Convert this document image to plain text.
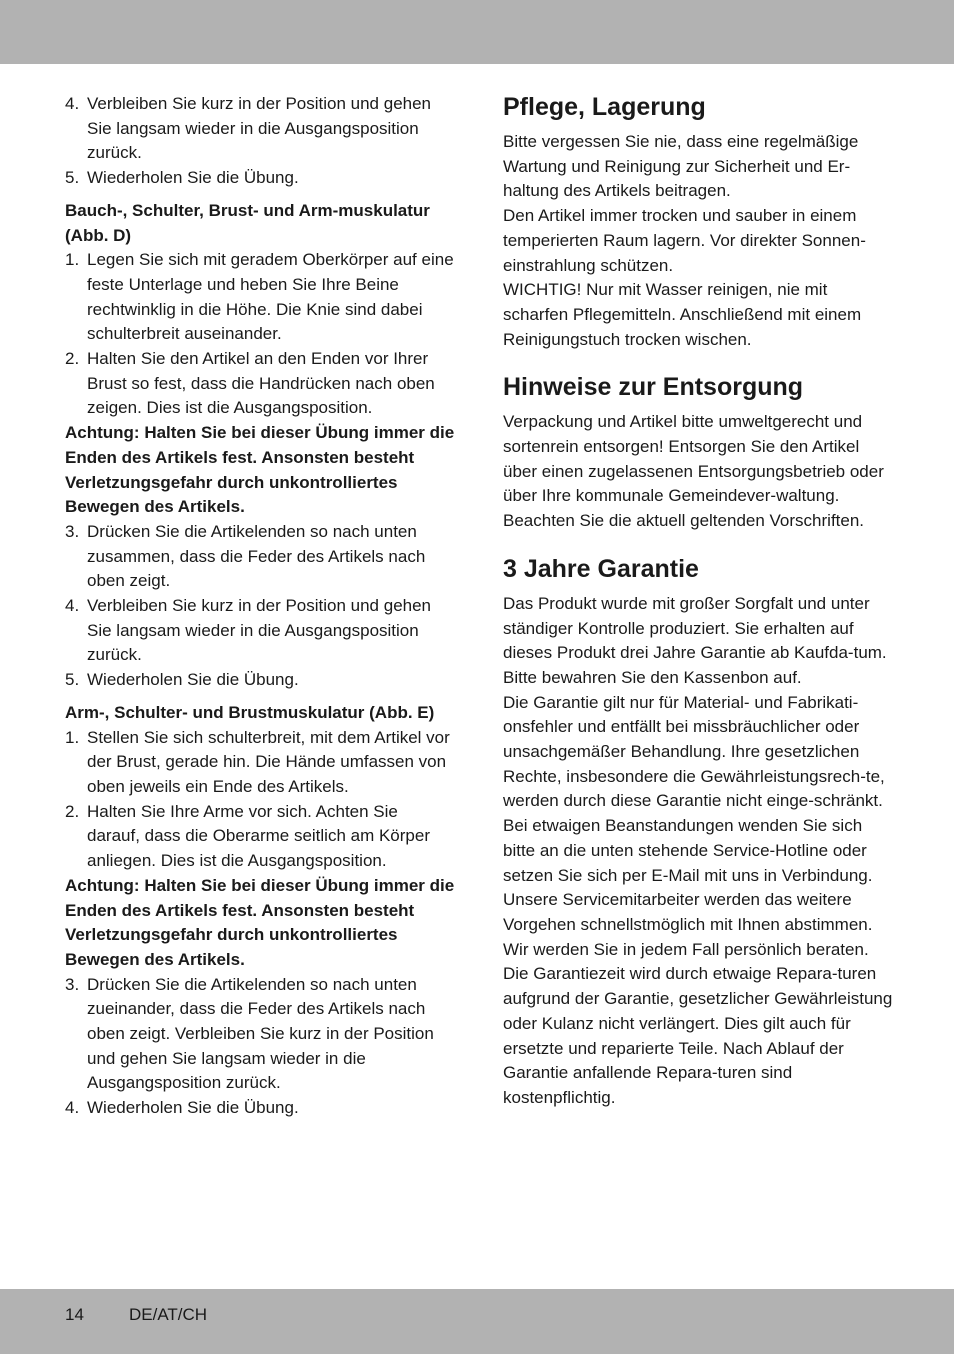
4. Verbleiben Sie kurz in der Position und gehen Sie langsam wieder in die Ausgangsposition zurück.
5. Wiederholen Sie die Übung.

Bauch-, Schulter, Brust- und Arm-muskulatur (Abb. D)

1. Legen Sie sich mit geradem Oberkörper auf eine feste Unterlage und heben Sie Ihre Beine rechtwinklig in die Höhe. Die Knie sind dabei schulterbreit auseinander.
2. Halten Sie den Artikel an den Enden vor Ihrer Brust so fest, dass die Handrücken nach oben zeigen. Dies ist die Ausgangsposition.

Achtung: Halten Sie bei dieser Übung immer die Enden des Artikels fest. Ansonsten besteht Verletzungsgefahr durch unkontrolliertes Bewegen des Artikels.

3. Drücken Sie die Artikelenden so nach unten zusammen, dass die Feder des Artikels nach oben zeigt.
4. Verbleiben Sie kurz in der Position und gehen Sie langsam wieder in die Ausgangsposition zurück.
5. Wiederholen Sie die Übung.

Arm-, Schulter- und Brustmuskulatur (Abb. E)

1. Stellen Sie sich schulterbreit, mit dem Artikel vor der Brust, gerade hin. Die Hände umfassen von oben jeweils ein Ende des Artikels.
2. Halten Sie Ihre Arme vor sich. Achten Sie darauf, dass die Oberarme seitlich am Körper anliegen. Dies ist die Ausgangsposition.

Achtung: Halten Sie bei dieser Übung immer die Enden des Artikels fest. Ansonsten besteht Verletzungsgefahr durch unkontrolliertes Bewegen des Artikels.

3. Drücken Sie die Artikelenden so nach unten zueinander, dass die Feder des Artikels nach oben zeigt. Verbleiben Sie kurz in der Position und gehen Sie langsam wieder in die Ausgangsposition zurück.
4. Wiederholen Sie die Übung.
Pflege, Lagerung

Bitte vergessen Sie nie, dass eine regelmäßige Wartung und Reinigung zur Sicherheit und Er-haltung des Artikels beitragen.

Den Artikel immer trocken und sauber in einem temperierten Raum lagern. Vor direkter Sonnen-einstrahlung schützen.

WICHTIG! Nur mit Wasser reinigen, nie mit scharfen Pflegemitteln. Anschließend mit einem Reinigungstuch trocken wischen.

Hinweise zur Entsorgung

Verpackung und Artikel bitte umweltgerecht und sortenrein entsorgen! Entsorgen Sie den Artikel über einen zugelassenen Entsorgungsbetrieb oder über Ihre kommunale Gemeindever-waltung. Beachten Sie die aktuell geltenden Vorschriften.

3 Jahre Garantie

Das Produkt wurde mit großer Sorgfalt und unter ständiger Kontrolle produziert. Sie erhalten auf dieses Produkt drei Jahre Garantie ab Kaufda-tum. Bitte bewahren Sie den Kassenbon auf.

Die Garantie gilt nur für Material- und Fabrikati-onsfehler und entfällt bei missbräuchlicher oder unsachgemäßer Behandlung. Ihre gesetzlichen Rechte, insbesondere die Gewährleistungsrech-te, werden durch diese Garantie nicht einge-schränkt.

Bei etwaigen Beanstandungen wenden Sie sich bitte an die unten stehende Service-Hotline oder setzen Sie sich per E-Mail mit uns in Verbindung. Unsere Servicemitarbeiter werden das weitere Vorgehen schnellstmöglich mit Ihnen abstimmen. Wir werden Sie in jedem Fall persönlich beraten.

Die Garantiezeit wird durch etwaige Repara-turen aufgrund der Garantie, gesetzlicher Gewährleistung oder Kulanz nicht verlängert. Dies gilt auch für ersetzte und reparierte Teile. Nach Ablauf der Garantie anfallende Repara-turen sind kostenpflichtig.

14	DE/AT/CH
